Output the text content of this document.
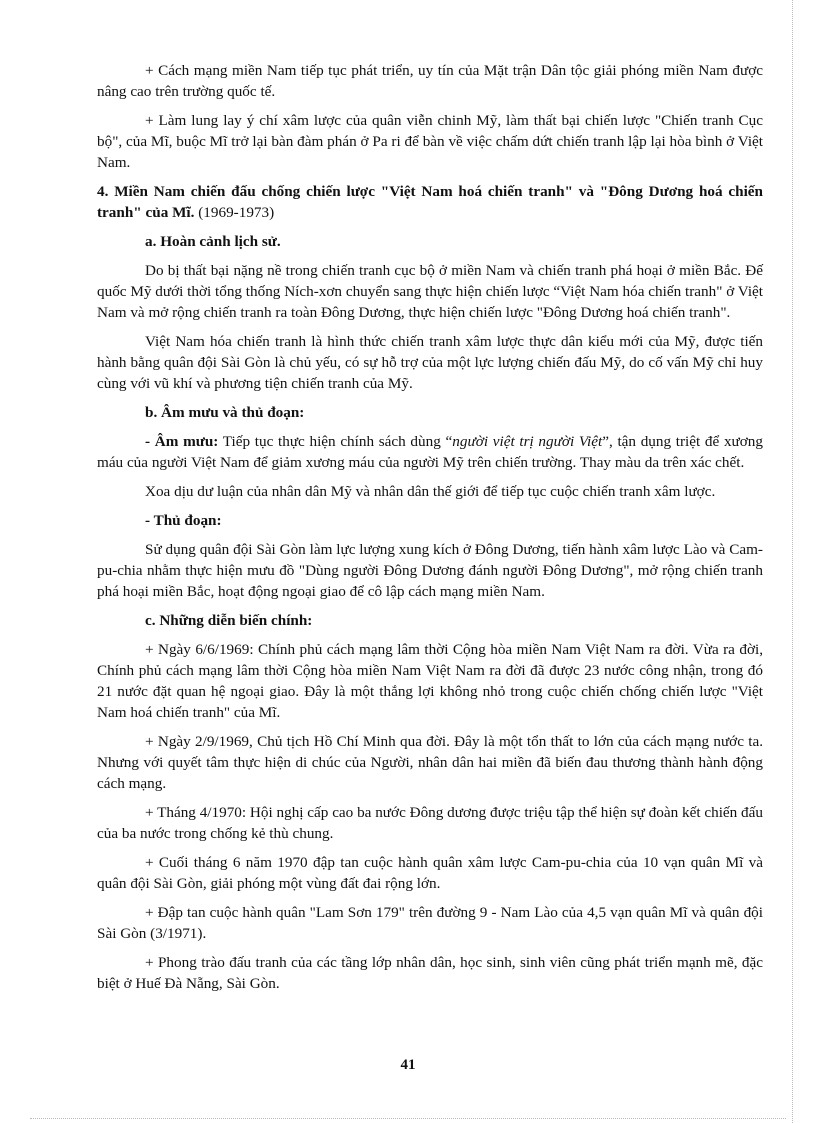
+ Cách mạng miền Nam tiếp tục phát triển, uy tín của Mặt trận Dân tộc giải phóng miền Nam được nâng cao trên trường quốc tế.

+ Làm lung lay ý chí xâm lược của quân viễn chinh Mỹ, làm thất bại chiến lược "Chiến tranh Cục bộ", của Mĩ, buộc Mĩ trở lại bàn đàm phán ở Pa ri để bàn về việc chấm dứt chiến tranh lập lại hòa bình ở Việt Nam.

4. Miền Nam chiến đấu chống chiến lược "Việt Nam hoá chiến tranh" và "Đông Dương hoá chiến tranh" của Mĩ. (1969-1973)

a. Hoàn cảnh lịch sử.

Do bị thất bại nặng nề trong chiến tranh cục bộ ở miền Nam và chiến tranh phá hoại ở miền Bắc. Đế quốc Mỹ dưới thời tổng thống Ních-xơn chuyển sang thực hiện chiến lược “Việt Nam hóa chiến tranh" ở Việt Nam và mở rộng chiến tranh ra toàn Đông Dương, thực hiện chiến lược "Đông Dương hoá chiến tranh".

Việt Nam hóa chiến tranh là hình thức chiến tranh xâm lược thực dân kiểu mới của Mỹ, được tiến hành bằng quân đội Sài Gòn là chủ yếu, có sự hỗ trợ của một lực lượng chiến đấu Mỹ, do cố vấn Mỹ chỉ huy cùng với vũ khí và phương tiện chiến tranh của Mỹ.

b. Âm mưu và thủ đoạn:

- Âm mưu: Tiếp tục thực hiện chính sách dùng “người việt trị người Việt”, tận dụng triệt để xương máu của người Việt Nam để giảm xương máu của người Mỹ trên chiến trường. Thay màu da trên xác chết.

Xoa dịu dư luận của nhân dân Mỹ và nhân dân thế giới để tiếp tục cuộc chiến tranh xâm lược.

- Thủ đoạn:

Sử dụng quân đội Sài Gòn làm lực lượng xung kích ở Đông Dương, tiến hành xâm lược Lào và Cam-pu-chia nhằm thực hiện mưu đồ "Dùng người Đông Dương đánh người Đông Dương", mở rộng chiến tranh phá hoại miền Bắc, hoạt động ngoại giao để cô lập cách mạng miền Nam.

c. Những diễn biến chính:

+ Ngày 6/6/1969: Chính phủ cách mạng lâm thời Cộng hòa miền Nam Việt Nam ra đời. Vừa ra đời, Chính phủ cách mạng lâm thời Cộng hòa miền Nam Việt Nam ra đời đã được 23 nước công nhận, trong đó 21 nước đặt quan hệ ngoại giao. Đây là một thắng lợi không nhỏ trong cuộc chiến chống chiến lược "Việt Nam hoá chiến tranh" của Mĩ.

+ Ngày 2/9/1969, Chủ tịch Hồ Chí Minh qua đời. Đây là một tổn thất to lớn của cách mạng nước ta. Nhưng với quyết tâm thực hiện di chúc của Người, nhân dân hai miền đã biến đau thương thành hành động cách mạng.

+ Tháng 4/1970: Hội nghị cấp cao ba nước Đông dương được triệu tập thể hiện sự đoàn kết chiến đấu của ba nước trong chống kẻ thù chung.

+ Cuối tháng 6 năm 1970 đập tan cuộc hành quân xâm lược Cam-pu-chia của 10 vạn quân Mĩ và quân đội Sài Gòn, giải phóng một vùng đất đai rộng lớn.

+ Đập tan cuộc hành quân "Lam Sơn 179" trên đường 9 - Nam Lào của 4,5 vạn quân Mĩ và quân đội Sài Gòn (3/1971).

+ Phong trào đấu tranh của các tầng lớp nhân dân, học sinh, sinh viên cũng phát triển mạnh mẽ, đặc biệt ở Huế Đà Nẵng, Sài Gòn.

41
